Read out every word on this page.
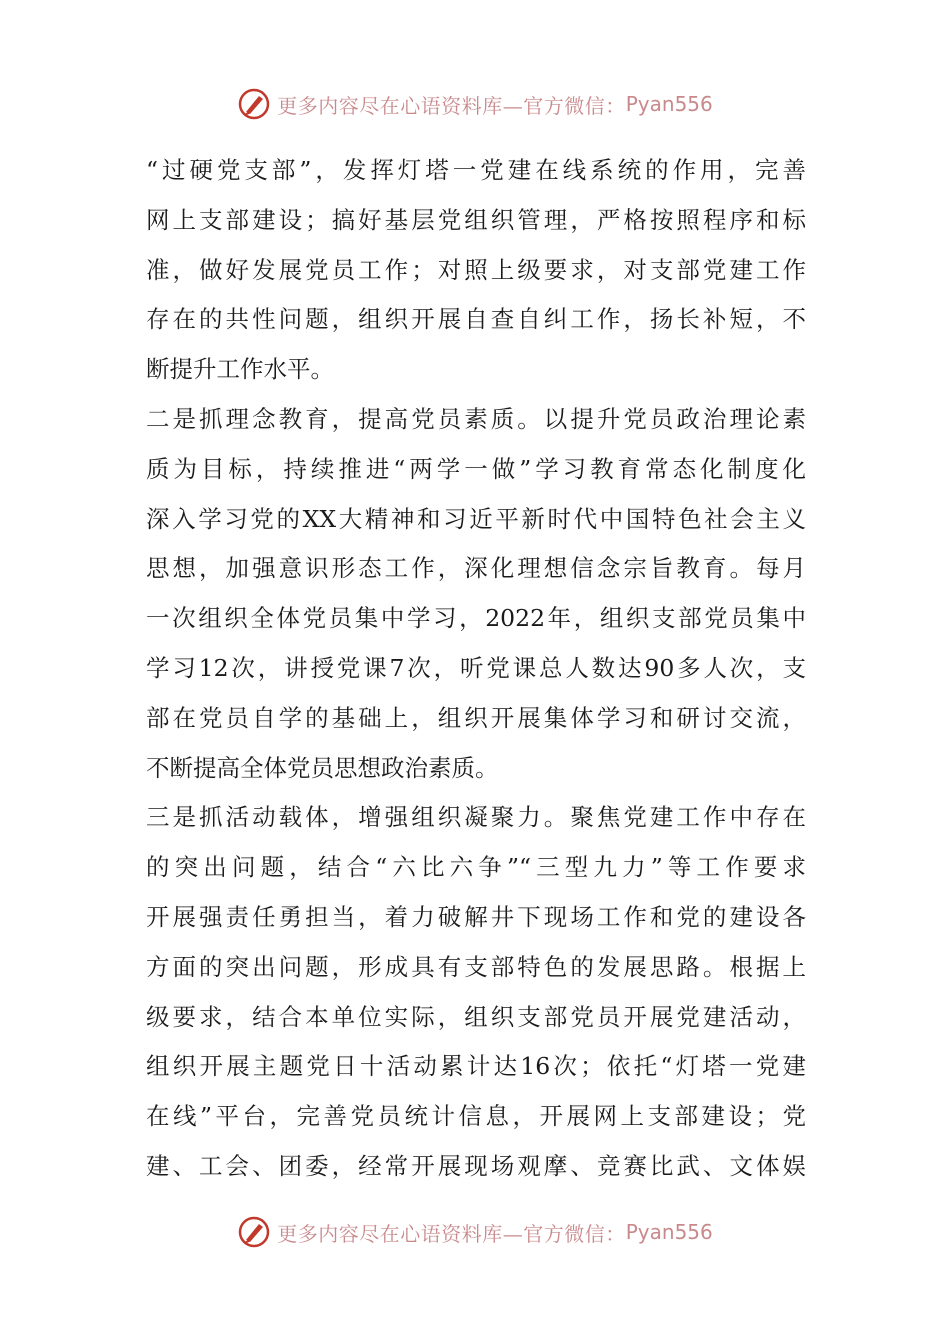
更多内容尽在心语资料库—官方微信： Pyan556
“过硬党支部”，发挥灯塔一党建在线系统的作用，完善
网上支部建设；搞好基层党组织管理，严格按照程序和标
准，做好发展党员工作；对照上级要求，对支部党建工作
存在的共性问题，组织开展自查自纠工作，扬长补短，不
断提升工作水平。
二是抓理念教育，提高党员素质。以提升党员政治理论素
质为目标，持续推进“两学一做”学习教育常态化制度化
深入学习党的XX大精神和习近平新时代中国特色社会主义
思想，加强意识形态工作，深化理想信念宗旨教育。每月
一次组织全体党员集中学习，2022年，组织支部党员集中
学习12次，讲授党课7次，听党课总人数达90多人次，支
部在党员自学的基础上，组织开展集体学习和研讨交流，
不断提高全体党员思想政治素质。
三是抓活动载体，增强组织凝聚力。聚焦党建工作中存在
的突出问题，结合“六比六争”“三型九力”等工作要求
开展强责任勇担当，着力破解井下现场工作和党的建设各
方面的突出问题，形成具有支部特色的发展思路。根据上
级要求，结合本单位实际，组织支部党员开展党建活动，
组织开展主题党日十活动累计达16次；依托“灯塔一党建
在线”平台，完善党员统计信息，开展网上支部建设；党
建、工会、团委，经常开展现场观摩、竞赛比武、文体娱
更多内容尽在心语资料库—官方微信： Pyan556
